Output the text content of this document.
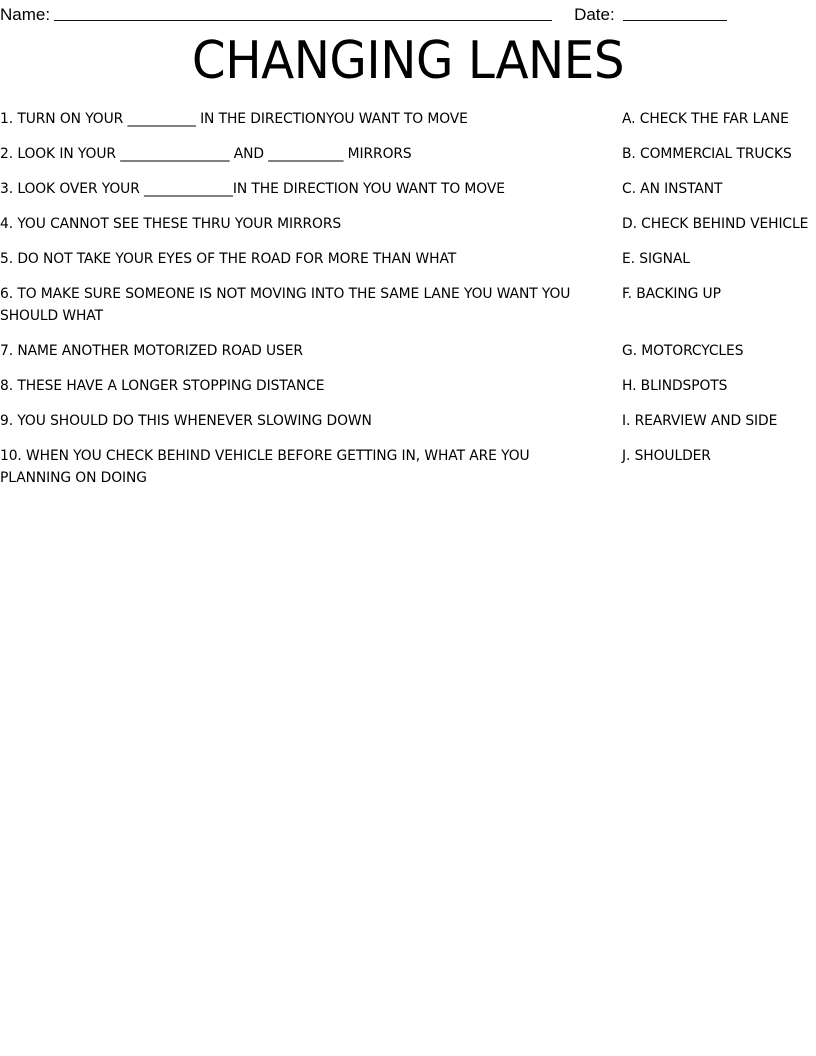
Name:	Date:
CHANGING LANES
1. TURN ON YOUR __________ IN THE DIRECTIONYOU WANT TO MOVE
2. LOOK IN YOUR ________________ AND ___________ MIRRORS
3. LOOK OVER YOUR _____________IN THE DIRECTION YOU WANT TO MOVE
4. YOU CANNOT SEE THESE THRU YOUR MIRRORS
5. DO NOT TAKE YOUR EYES OF THE ROAD FOR MORE THAN WHAT
6. TO MAKE SURE SOMEONE IS NOT MOVING INTO THE SAME LANE YOU WANT YOU SHOULD WHAT
7. NAME ANOTHER MOTORIZED ROAD USER
8. THESE HAVE A LONGER STOPPING DISTANCE
9. YOU SHOULD DO THIS WHENEVER SLOWING DOWN
10. WHEN YOU CHECK BEHIND VEHICLE BEFORE GETTING IN, WHAT ARE YOU PLANNING ON DOING
A. CHECK THE FAR LANE
B. COMMERCIAL TRUCKS
C. AN INSTANT
D. CHECK BEHIND VEHICLE
E. SIGNAL
F. BACKING UP
G. MOTORCYCLES
H. BLINDSPOTS
I. REARVIEW AND SIDE
J. SHOULDER
